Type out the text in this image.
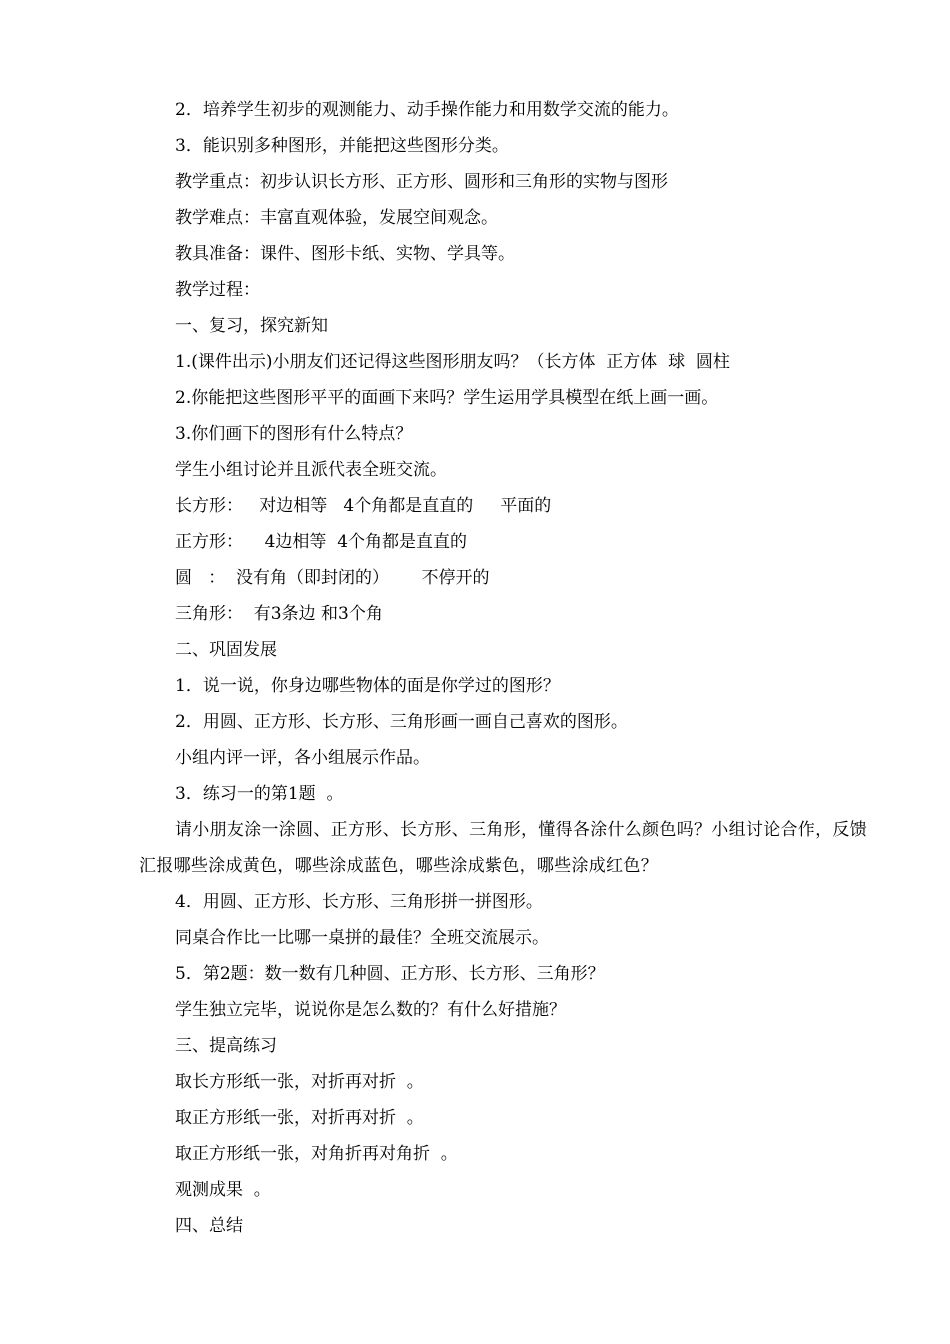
2．培养学生初步的观测能力、动手操作能力和用数学交流的能力。
3．能识别多种图形，并能把这些图形分类。
教学重点：初步认识长方形、正方形、圆形和三角形的实物与图形
教学难点：丰富直观体验，发展空间观念。
教具准备：课件、图形卡纸、实物、学具等。
教学过程：
一、复习，探究新知
1.(课件出示)小朋友们还记得这些图形朋友吗？（长方体  正方体  球  圆柱
2.你能把这些图形平平的面画下来吗？学生运用学具模型在纸上画一画。
3.你们画下的图形有什么特点？
学生小组讨论并且派代表全班交流。
长方形：   对边相等   4个角都是直直的     平面的
正方形：    4边相等  4个角都是直直的
圆   ：  没有角（即封闭的）      不停开的
三角形：  有3条边 和3个角
二、巩固发展
1．说一说，你身边哪些物体的面是你学过的图形？
2．用圆、正方形、长方形、三角形画一画自己喜欢的图形。
小组内评一评，各小组展示作品。
3．练习一的第1题  。
请小朋友涂一涂圆、正方形、长方形、三角形，懂得各涂什么颜色吗？小组讨论合作，反馈汇报哪些涂成黄色，哪些涂成蓝色，哪些涂成紫色，哪些涂成红色？
4．用圆、正方形、长方形、三角形拼一拼图形。
同桌合作比一比哪一桌拼的最佳？全班交流展示。
5．第2题：数一数有几种圆、正方形、长方形、三角形？
学生独立完毕，说说你是怎么数的？有什么好措施？
三、提高练习
取长方形纸一张，对折再对折  。
取正方形纸一张，对折再对折  。
取正方形纸一张，对角折再对角折  。
观测成果  。
四、总结
